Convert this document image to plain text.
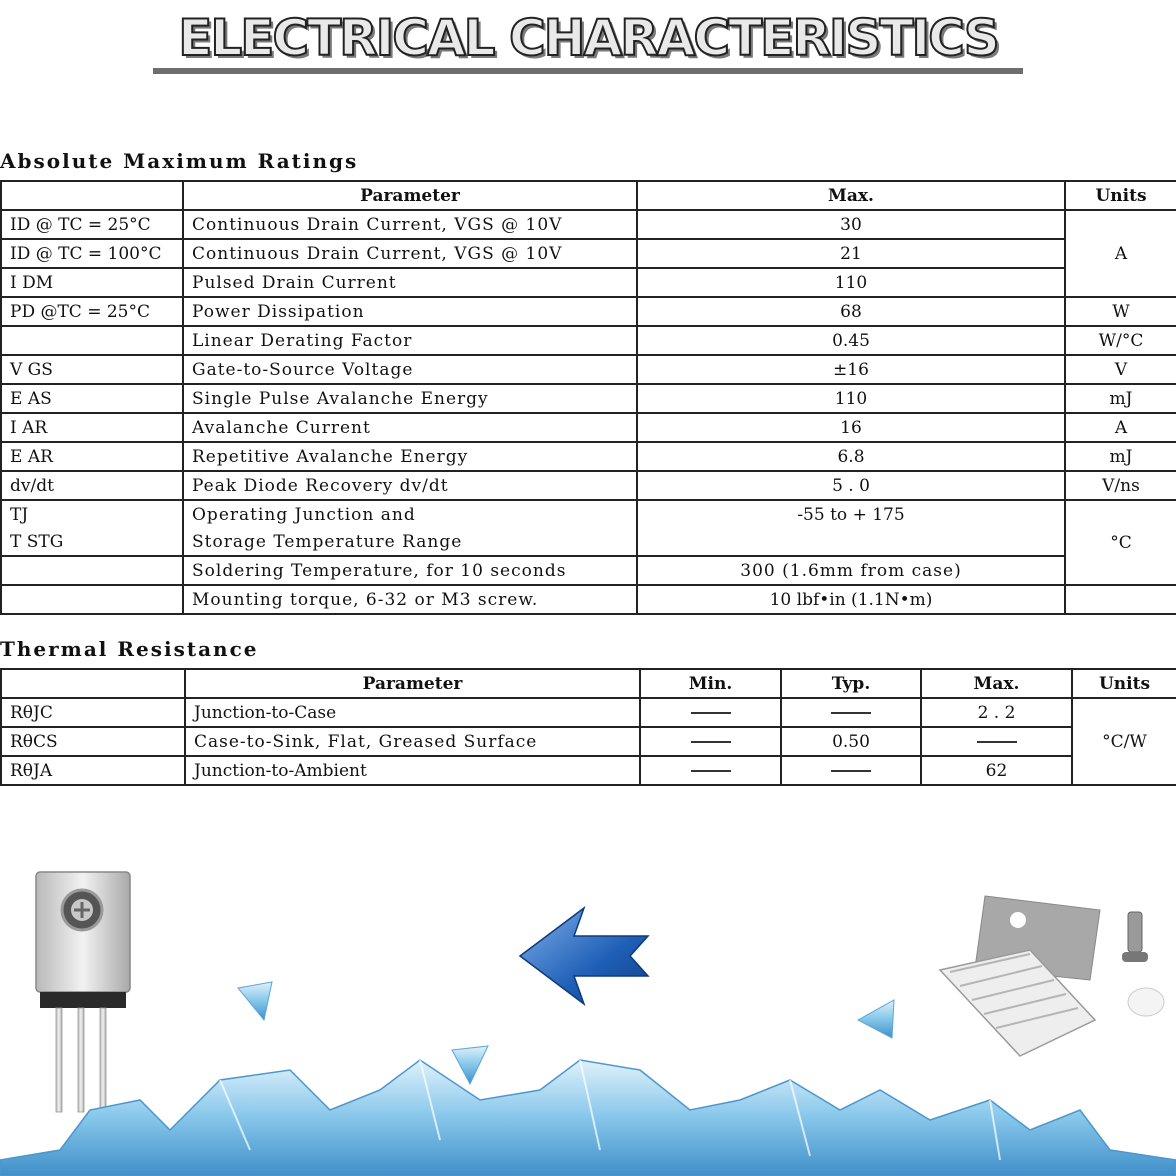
ELECTRICAL CHARACTERISTICS
Absolute Maximum Ratings
	Parameter	Max.	Units
ID @ TC = 25°C	Continuous Drain Current, VGS @ 10V	30	A
ID @ TC = 100°C	Continuous Drain Current, VGS @ 10V	21	
I DM	Pulsed Drain Current	110	
PD @TC = 25°C	Power Dissipation	68	W
	Linear Derating Factor	0.45	W/°C
V GS	Gate-to-Source Voltage	±16	V
E AS	Single Pulse Avalanche Energy	110	mJ
I AR	Avalanche Current	16	A
E AR	Repetitive Avalanche Energy	6.8	mJ
dv/dt	Peak Diode Recovery dv/dt	5 . 0	V/ns
TJ	Operating Junction and	-55 to + 175	°C
T STG	Storage Temperature Range		
	Soldering Temperature, for 10 seconds	300 (1.6mm from case)	
	Mounting torque, 6-32 or M3 screw.	10 lbf•in (1.1N•m)	
Thermal Resistance
	Parameter	Min.	Typ.	Max.	Units
RθJC	Junction-to-Case			2 . 2	°C/W
RθCS	Case-to-Sink, Flat, Greased Surface		0.50		
RθJA	Junction-to-Ambient			62	
